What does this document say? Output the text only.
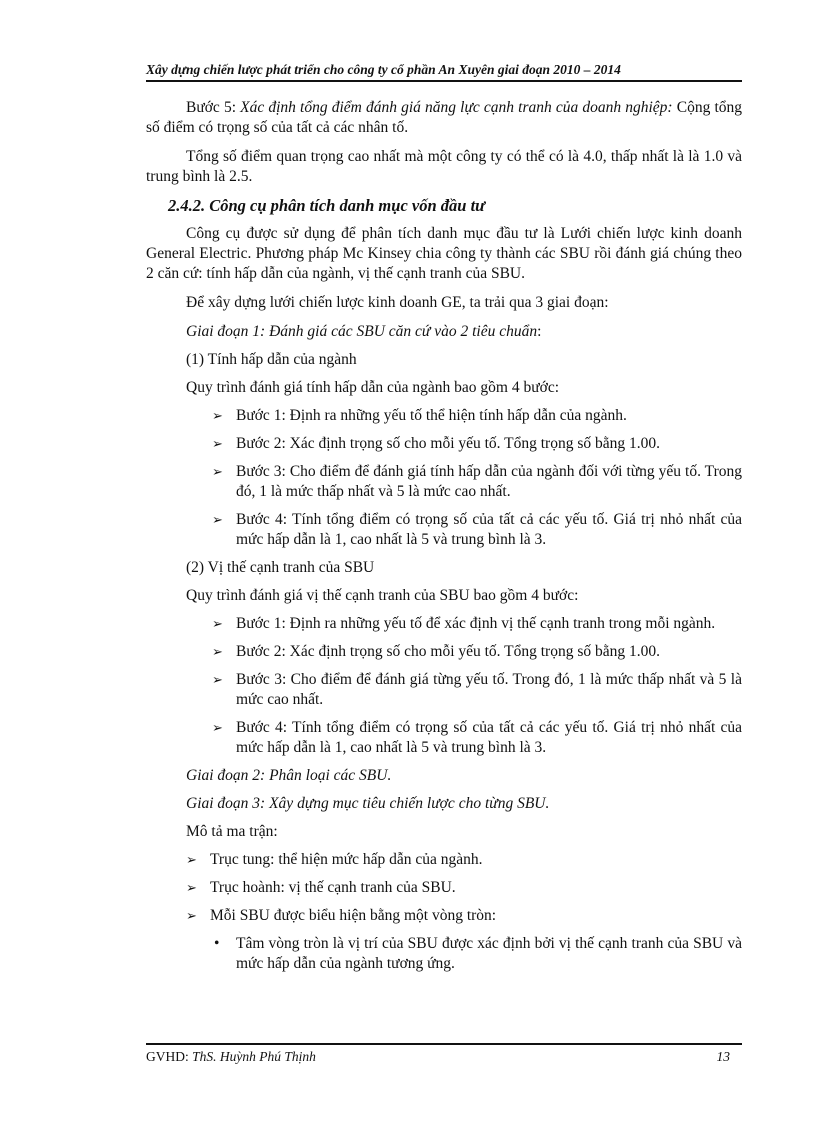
Xây dựng chiến lược phát triển cho công ty cổ phần An Xuyên giai đoạn 2010 – 2014

Bước 5: Xác định tổng điểm đánh giá năng lực cạnh tranh của doanh nghiệp: Cộng tổng số điểm có trọng số của tất cả các nhân tố.

Tổng số điểm quan trọng cao nhất mà một công ty có thể có là 4.0, thấp nhất là là 1.0 và trung bình là 2.5.

2.4.2. Công cụ phân tích danh mục vốn đầu tư

Công cụ được sử dụng để phân tích danh mục đầu tư là Lưới chiến lược kinh doanh General Electric. Phương pháp Mc Kinsey chia công ty thành các SBU rồi đánh giá chúng theo 2 căn cứ: tính hấp dẫn của ngành, vị thế cạnh tranh của SBU.

Để xây dựng lưới chiến lược kinh doanh GE, ta trải qua 3 giai đoạn:

Giai đoạn 1: Đánh giá các SBU căn cứ vào 2 tiêu chuẩn:

(1) Tính hấp dẫn của ngành

Quy trình đánh giá tính hấp dẫn của ngành bao gồm 4 bước:

➢ Bước 1: Định ra những yếu tố thể hiện tính hấp dẫn của ngành.
➢ Bước 2: Xác định trọng số cho mỗi yếu tố. Tổng trọng số bằng 1.00.
➢ Bước 3: Cho điểm để đánh giá tính hấp dẫn của ngành đối với từng yếu tố. Trong đó, 1 là mức thấp nhất và 5 là mức cao nhất.
➢ Bước 4: Tính tổng điểm có trọng số của tất cả các yếu tố. Giá trị nhỏ nhất của mức hấp dẫn là 1, cao nhất là 5 và trung bình là 3.

(2) Vị thế cạnh tranh của SBU

Quy trình đánh giá vị thế cạnh tranh của SBU bao gồm 4 bước:

➢ Bước 1: Định ra những yếu tố để xác định vị thế cạnh tranh trong mỗi ngành.
➢ Bước 2: Xác định trọng số cho mỗi yếu tố. Tổng trọng số bằng 1.00.
➢ Bước 3: Cho điểm để đánh giá từng yếu tố. Trong đó, 1 là mức thấp nhất và 5 là mức cao nhất.
➢ Bước 4: Tính tổng điểm có trọng số của tất cả các yếu tố. Giá trị nhỏ nhất của mức hấp dẫn là 1, cao nhất là 5 và trung bình là 3.

Giai đoạn 2: Phân loại các SBU.

Giai đoạn 3: Xây dựng mục tiêu chiến lược cho từng SBU.

Mô tả ma trận:

➢ Trục tung: thể hiện mức hấp dẫn của ngành.
➢ Trục hoành: vị thế cạnh tranh của SBU.
➢ Mỗi SBU được biểu hiện bằng một vòng tròn:
• Tâm vòng tròn là vị trí của SBU được xác định bởi vị thế cạnh tranh của SBU và mức hấp dẫn của ngành tương ứng.
GVHD: ThS. Huỳnh Phú Thịnh	13
